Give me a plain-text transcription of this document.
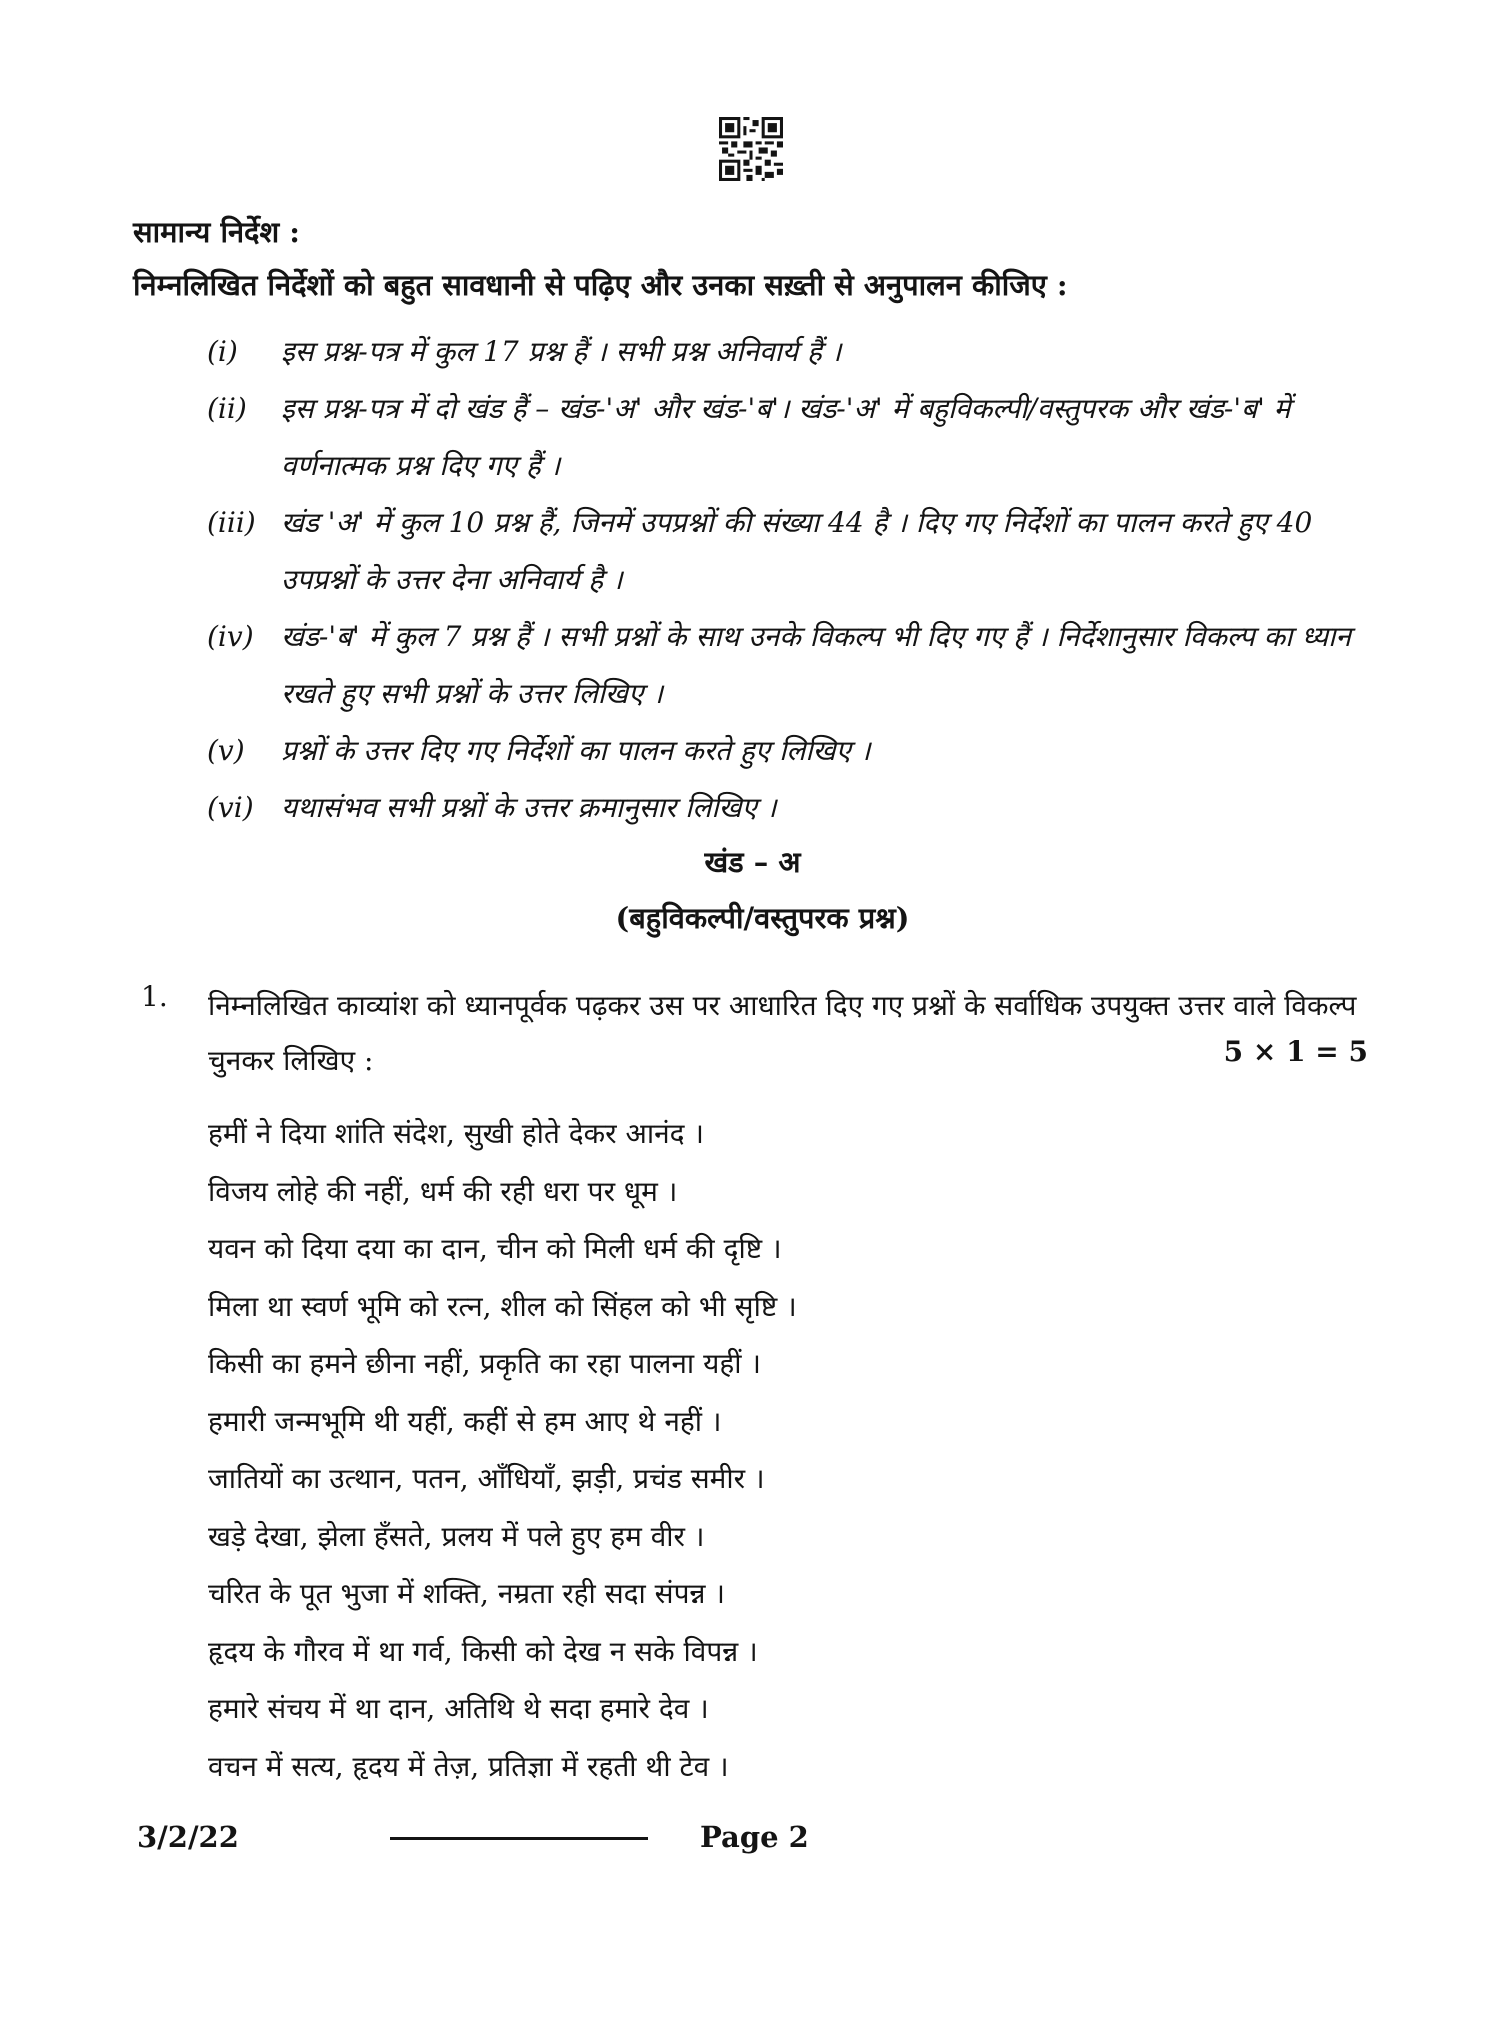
सामान्य निर्देश :
निम्नलिखित निर्देशों को बहुत सावधानी से पढ़िए और उनका सख़्ती से अनुपालन कीजिए :
(i)	इस प्रश्न-पत्र में कुल 17 प्रश्न हैं । सभी प्रश्न अनिवार्य हैं ।
(ii)	इस प्रश्न-पत्र में दो खंड हैं – खंड-'अ' और खंड-'ब'। खंड-'अ' में बहुविकल्पी/वस्तुपरक और खंड-'ब' में वर्णनात्मक प्रश्न दिए गए हैं ।
(iii) खंड 'अ' में कुल 10 प्रश्न हैं, जिनमें उपप्रश्नों की संख्या 44 है । दिए गए निर्देशों का पालन करते हुए 40 उपप्रश्नों के उत्तर देना अनिवार्य है ।
(iv) खंड-'ब' में कुल 7 प्रश्न हैं । सभी प्रश्नों के साथ उनके विकल्प भी दिए गए हैं । निर्देशानुसार विकल्प का ध्यान रखते हुए सभी प्रश्नों के उत्तर लिखिए ।
(v)	प्रश्नों के उत्तर दिए गए निर्देशों का पालन करते हुए लिखिए ।
(vi) यथासंभव सभी प्रश्नों के उत्तर क्रमानुसार लिखिए ।
खंड – अ
(बहुविकल्पी/वस्तुपरक प्रश्न)
1. निम्नलिखित काव्यांश को ध्यानपूर्वक पढ़कर उस पर आधारित दिए गए प्रश्नों के सर्वाधिक उपयुक्त उत्तर वाले विकल्प चुनकर लिखिए :	5 × 1 = 5
हमीं ने दिया शांति संदेश, सुखी होते देकर आनंद ।
विजय लोहे की नहीं, धर्म की रही धरा पर धूम ।
यवन को दिया दया का दान, चीन को मिली धर्म की दृष्टि ।
मिला था स्वर्ण भूमि को रत्न, शील को सिंहल को भी सृष्टि ।
किसी का हमने छीना नहीं, प्रकृति का रहा पालना यहीं ।
हमारी जन्मभूमि थी यहीं, कहीं से हम आए थे नहीं ।
जातियों का उत्थान, पतन, आँधियाँ, झड़ी, प्रचंड समीर ।
खड़े देखा, झेला हँसते, प्रलय में पले हुए हम वीर ।
चरित के पूत भुजा में शक्ति, नम्रता रही सदा संपन्न ।
हृदय के गौरव में था गर्व, किसी को देख न सके विपन्न ।
हमारे संचय में था दान, अतिथि थे सदा हमारे देव ।
वचन में सत्य, हृदय में तेज़, प्रतिज्ञा में रहती थी टेव ।
3/2/22	Page 2
